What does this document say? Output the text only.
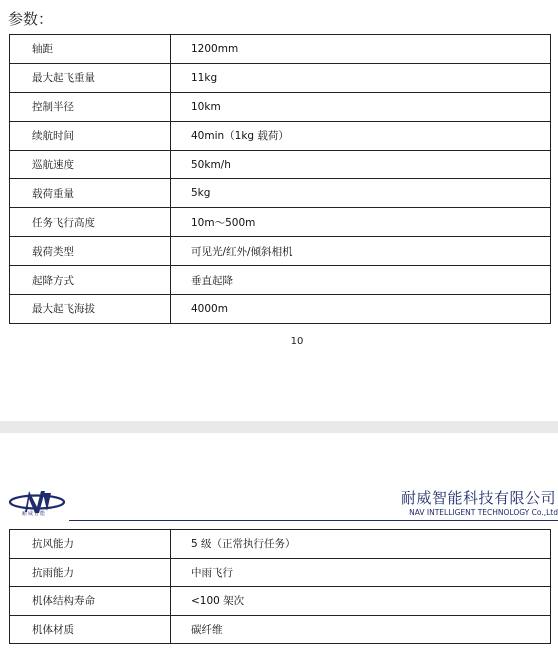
参数：
轴距	1200mm
最大起飞重量	11kg
控制半径	10km
续航时间	40min（1kg 载荷）
巡航速度	50km/h
载荷重量	5kg
任务飞行高度	10m～500m
载荷类型	可见光/红外/倾斜相机
起降方式	垂直起降
最大起飞海拔	4000m
10
耐威智能
耐威智能科技有限公司
NAV INTELLIGENT TECHNOLOGY Co.,Ltd
抗风能力	5 级（正常执行任务）
抗雨能力	中雨飞行
机体结构寿命	<100 架次
机体材质	碳纤维
